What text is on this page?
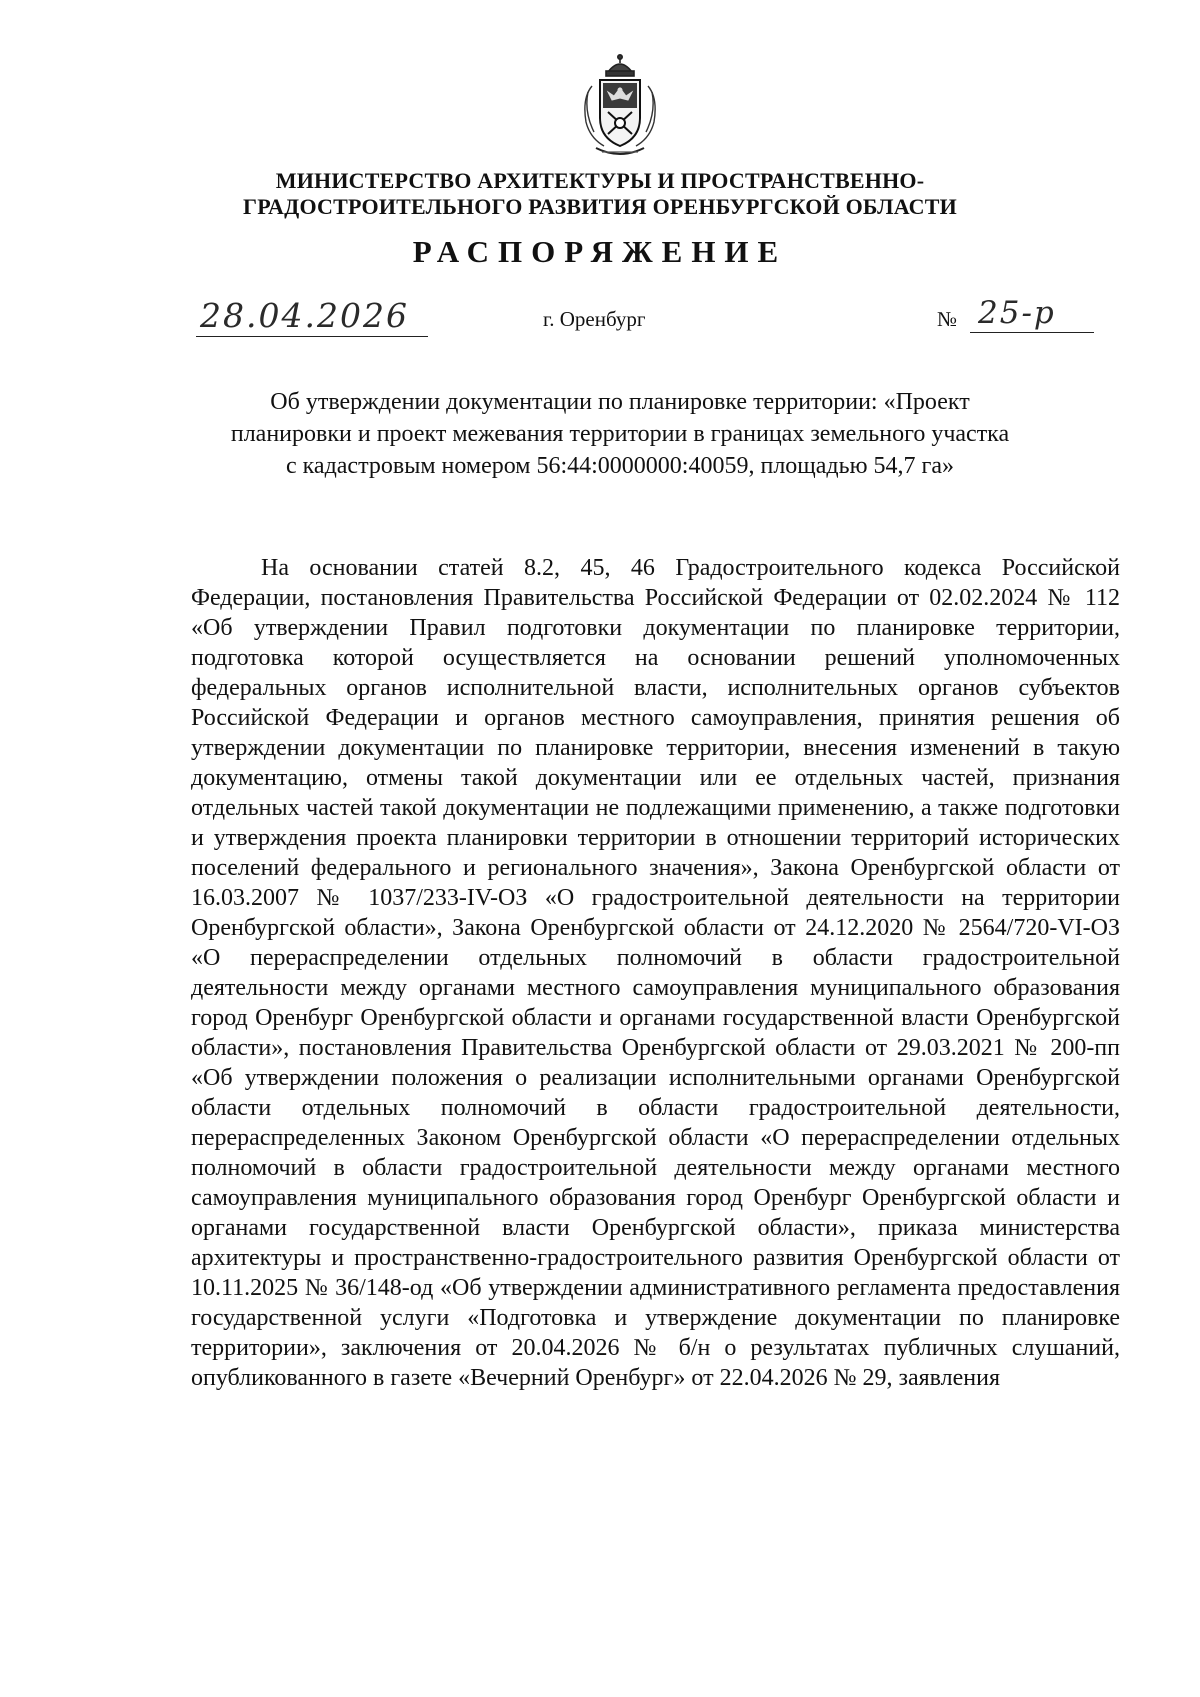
МИНИСТЕРСТВО АРХИТЕКТУРЫ И ПРОСТРАНСТВЕННО-
ГРАДОСТРОИТЕЛЬНОГО РАЗВИТИЯ ОРЕНБУРГСКОЙ ОБЛАСТИ
РАСПОРЯЖЕНИЕ
28.04.2026	г. Оренбург	№ 25-р
Об утверждении документации по планировке территории: «Проект
планировки и проект межевания территории в границах земельного участка
с кадастровым номером 56:44:0000000:40059, площадью 54,7 га»

На основании статей 8.2, 45, 46 Градостроительного кодекса Российской Федерации, постановления Правительства Российской Федерации от 02.02.2024 № 112 «Об утверждении Правил подготовки документации по планировке территории, подготовка которой осуществляется на основании решений уполномоченных федеральных органов исполнительной власти, исполнительных органов субъектов Российской Федерации и органов местного самоуправления, принятия решения об утверждении документации по планировке территории, внесения изменений в такую документацию, отмены такой документации или ее отдельных частей, признания отдельных частей такой документации не подлежащими применению, а также подготовки и утверждения проекта планировки территории в отношении территорий исторических поселений федерального и регионального значения», Закона Оренбургской области от 16.03.2007 № 1037/233-IV-ОЗ «О градостроительной деятельности на территории Оренбургской области», Закона Оренбургской области от 24.12.2020 № 2564/720-VI-ОЗ «О перераспределении отдельных полномочий в области градостроительной деятельности между органами местного самоуправления муниципального образования город Оренбург Оренбургской области и органами государственной власти Оренбургской области», постановления Правительства Оренбургской области от 29.03.2021 № 200-пп «Об утверждении положения о реализации исполнительными органами Оренбургской области отдельных полномочий в области градостроительной деятельности, перераспределенных Законом Оренбургской области «О перераспределении отдельных полномочий в области градостроительной деятельности между органами местного самоуправления муниципального образования город Оренбург Оренбургской области и органами государственной власти Оренбургской области», приказа министерства архитектуры и пространственно-градостроительного развития Оренбургской области от 10.11.2025 № 36/148-од «Об утверждении административного регламента предоставления государственной услуги «Подготовка и утверждение документации по планировке территории», заключения от 20.04.2026 № б/н о результатах публичных слушаний, опубликованного в газете «Вечерний Оренбург» от 22.04.2026 № 29, заявления
